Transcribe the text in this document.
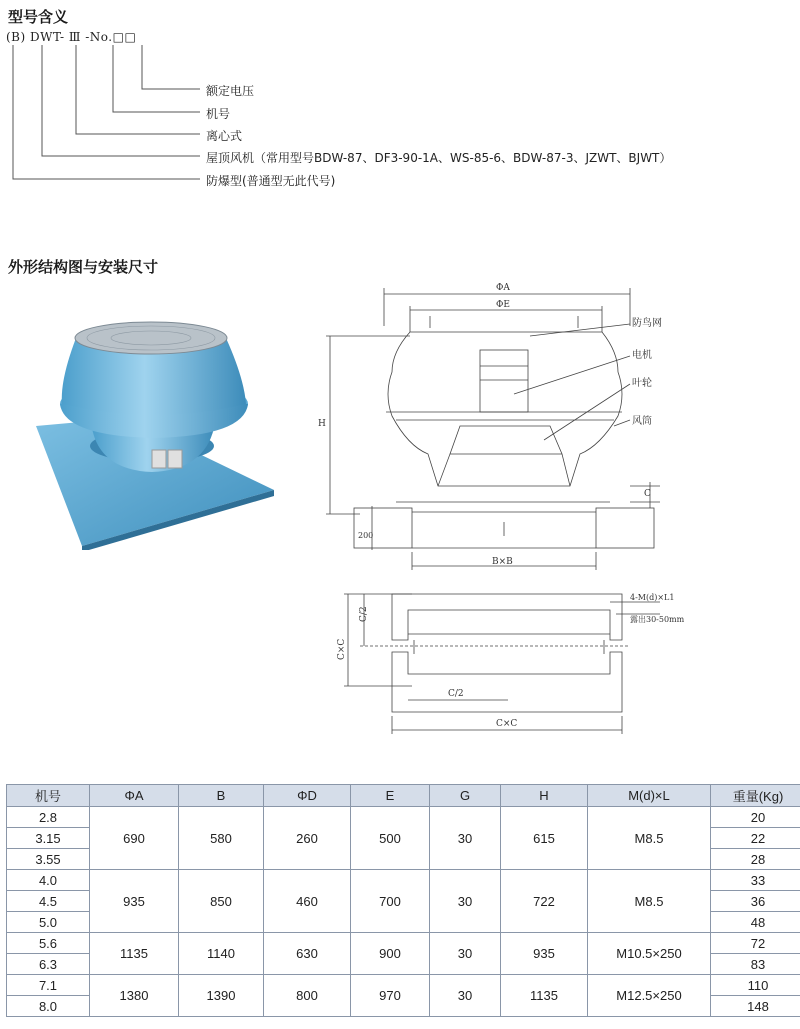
型号含义
(B) DWT- Ⅲ -No.□□
额定电压
机号
离心式
屋顶风机（常用型号BDW-87、DF3-90-1A、WS-85-6、BDW-87-3、JZWT、BJWT）
防爆型(普通型无此代号)
外形结构图与安装尺寸
ΦA
ΦE
H
C
200
B×B
防鸟网
电机
叶轮
风筒
C/2
C×C
C/2
C×C
4-M(d)×L1
露出30-50mm
机号	ΦA	B	ΦD	E	G	H	M(d)×L	重量(Kg)
2.8	690	580	260	500	30	615	M8.5	20
3.15								22
3.55								28
4.0	935	850	460	700	30	722	M8.5	33
4.5								36
5.0								48
5.6	1135	1140	630	900	30	935	M10.5×250	72
6.3								83
7.1	1380	1390	800	970	30	1135	M12.5×250	110
8.0								148
